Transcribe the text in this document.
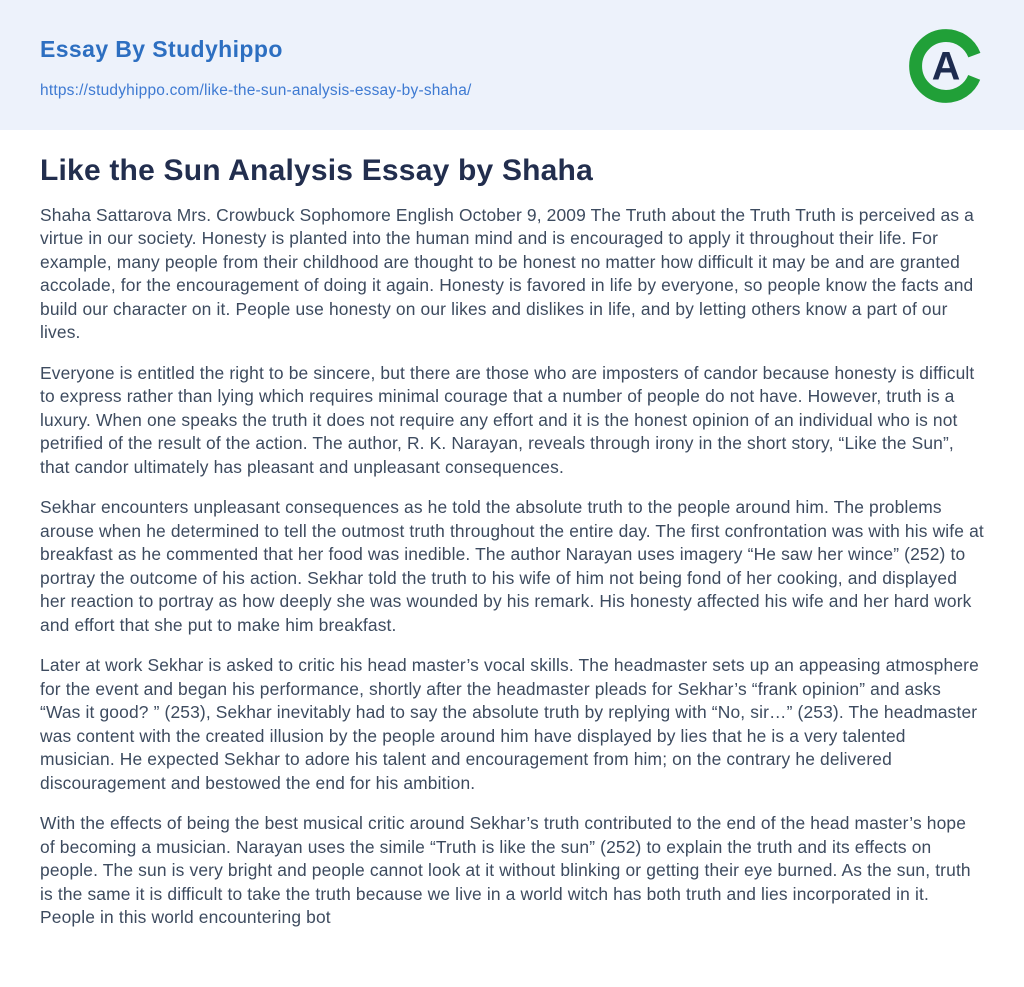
Essay By Studyhippo
https://studyhippo.com/like-the-sun-analysis-essay-by-shaha/
A
Like the Sun Analysis Essay by Shaha

Shaha Sattarova Mrs. Crowbuck Sophomore English October 9, 2009 The Truth about the Truth Truth is perceived as a virtue in our society. Honesty is planted into the human mind and is encouraged to apply it throughout their life. For example, many people from their childhood are thought to be honest no matter how difficult it may be and are granted accolade, for the encouragement of doing it again. Honesty is favored in life by everyone, so people know the facts and build our character on it. People use honesty on our likes and dislikes in life, and by letting others know a part of our lives.

Everyone is entitled the right to be sincere, but there are those who are imposters of candor because honesty is difficult to express rather than lying which requires minimal courage that a number of people do not have. However, truth is a luxury. When one speaks the truth it does not require any effort and it is the honest opinion of an individual who is not petrified of the result of the action. The author, R. K. Narayan, reveals through irony in the short story, “Like the Sun”, that candor ultimately has pleasant and unpleasant consequences.

Sekhar encounters unpleasant consequences as he told the absolute truth to the people around him. The problems arouse when he determined to tell the outmost truth throughout the entire day. The first confrontation was with his wife at breakfast as he commented that her food was inedible. The author Narayan uses imagery “He saw her wince” (252) to portray the outcome of his action. Sekhar told the truth to his wife of him not being fond of her cooking, and displayed her reaction to portray as how deeply she was wounded by his remark. His honesty affected his wife and her hard work and effort that she put to make him breakfast.

Later at work Sekhar is asked to critic his head master’s vocal skills. The headmaster sets up an appeasing atmosphere for the event and began his performance, shortly after the headmaster pleads for Sekhar’s “frank opinion” and asks “Was it good? ” (253), Sekhar inevitably had to say the absolute truth by replying with “No, sir…” (253). The headmaster was content with the created illusion by the people around him have displayed by lies that he is a very talented musician. He expected Sekhar to adore his talent and encouragement from him; on the contrary he delivered discouragement and bestowed the end for his ambition.

With the effects of being the best musical critic around Sekhar’s truth contributed to the end of the head master’s hope of becoming a musician. Narayan uses the simile “Truth is like the sun” (252) to explain the truth and its effects on people. The sun is very bright and people cannot look at it without blinking or getting their eye burned. As the sun, truth is the same it is difficult to take the truth because we live in a world witch has both truth and lies incorporated in it. People in this world encountering bot
